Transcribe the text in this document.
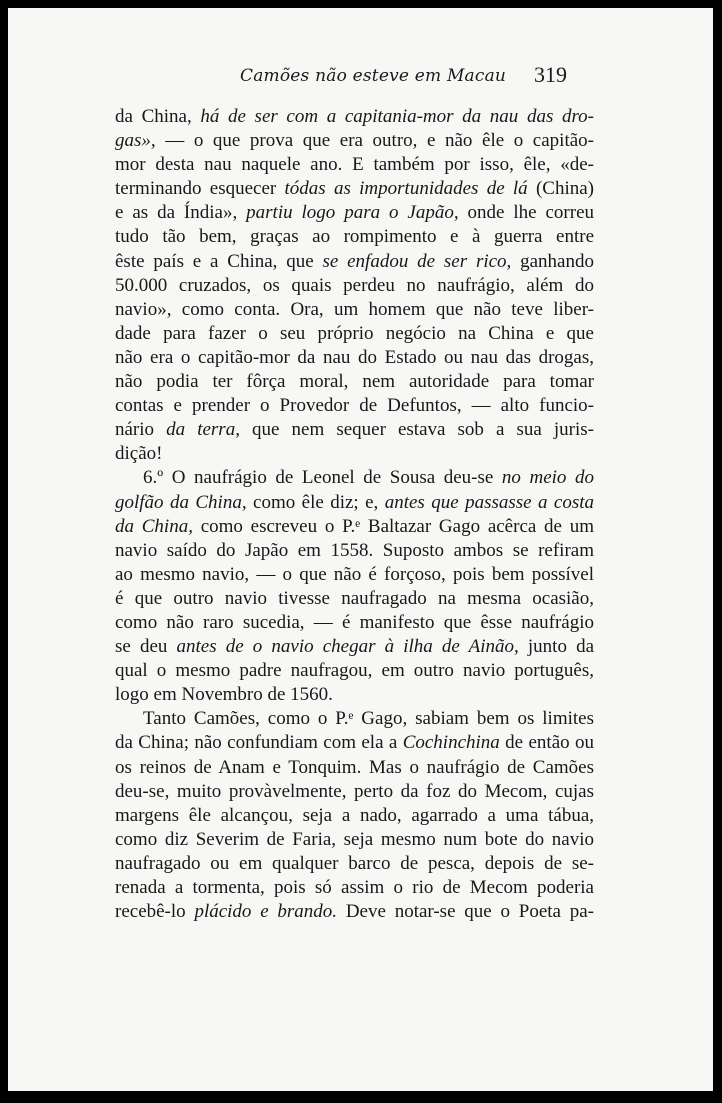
Camões não esteve em Macau 319
da China, há de ser com a capitania-mor da nau das dro-
gas», — o que prova que era outro, e não êle o capitão-
mor desta nau naquele ano. E também por isso, êle, «de-
terminando esquecer tódas as importunidades de lá (China)
e as da Índia», partiu logo para o Japão, onde lhe correu
tudo tão bem, graças ao rompimento e à guerra entre
êste país e a China, que se enfadou de ser rico, ganhando
50.000 cruzados, os quais perdeu no naufrágio, além do
navio», como conta. Ora, um homem que não teve liber-
dade para fazer o seu próprio negócio na China e que
não era o capitão-mor da nau do Estado ou nau das drogas,
não podia ter fôrça moral, nem autoridade para tomar
contas e prender o Provedor de Defuntos, — alto funcio-
nário da terra, que nem sequer estava sob a sua juris-
dição!
6.º O naufrágio de Leonel de Sousa deu-se no meio do
golfão da China, como êle diz; e, antes que passasse a costa
da China, como escreveu o P.ᵉ Baltazar Gago acêrca de um
navio saído do Japão em 1558. Suposto ambos se refiram
ao mesmo navio, — o que não é forçoso, pois bem possível
é que outro navio tivesse naufragado na mesma ocasião,
como não raro sucedia, — é manifesto que êsse naufrágio
se deu antes de o navio chegar à ilha de Ainão, junto da
qual o mesmo padre naufragou, em outro navio português,
logo em Novembro de 1560.
Tanto Camões, como o P.ᵉ Gago, sabiam bem os limites
da China; não confundiam com ela a Cochinchina de então ou
os reinos de Anam e Tonquim. Mas o naufrágio de Camões
deu-se, muito provàvelmente, perto da foz do Mecom, cujas
margens êle alcançou, seja a nado, agarrado a uma tábua,
como diz Severim de Faria, seja mesmo num bote do navio
naufragado ou em qualquer barco de pesca, depois de se-
renada a tormenta, pois só assim o rio de Mecom poderia
recebê-lo plácido e brando. Deve notar-se que o Poeta pa-
